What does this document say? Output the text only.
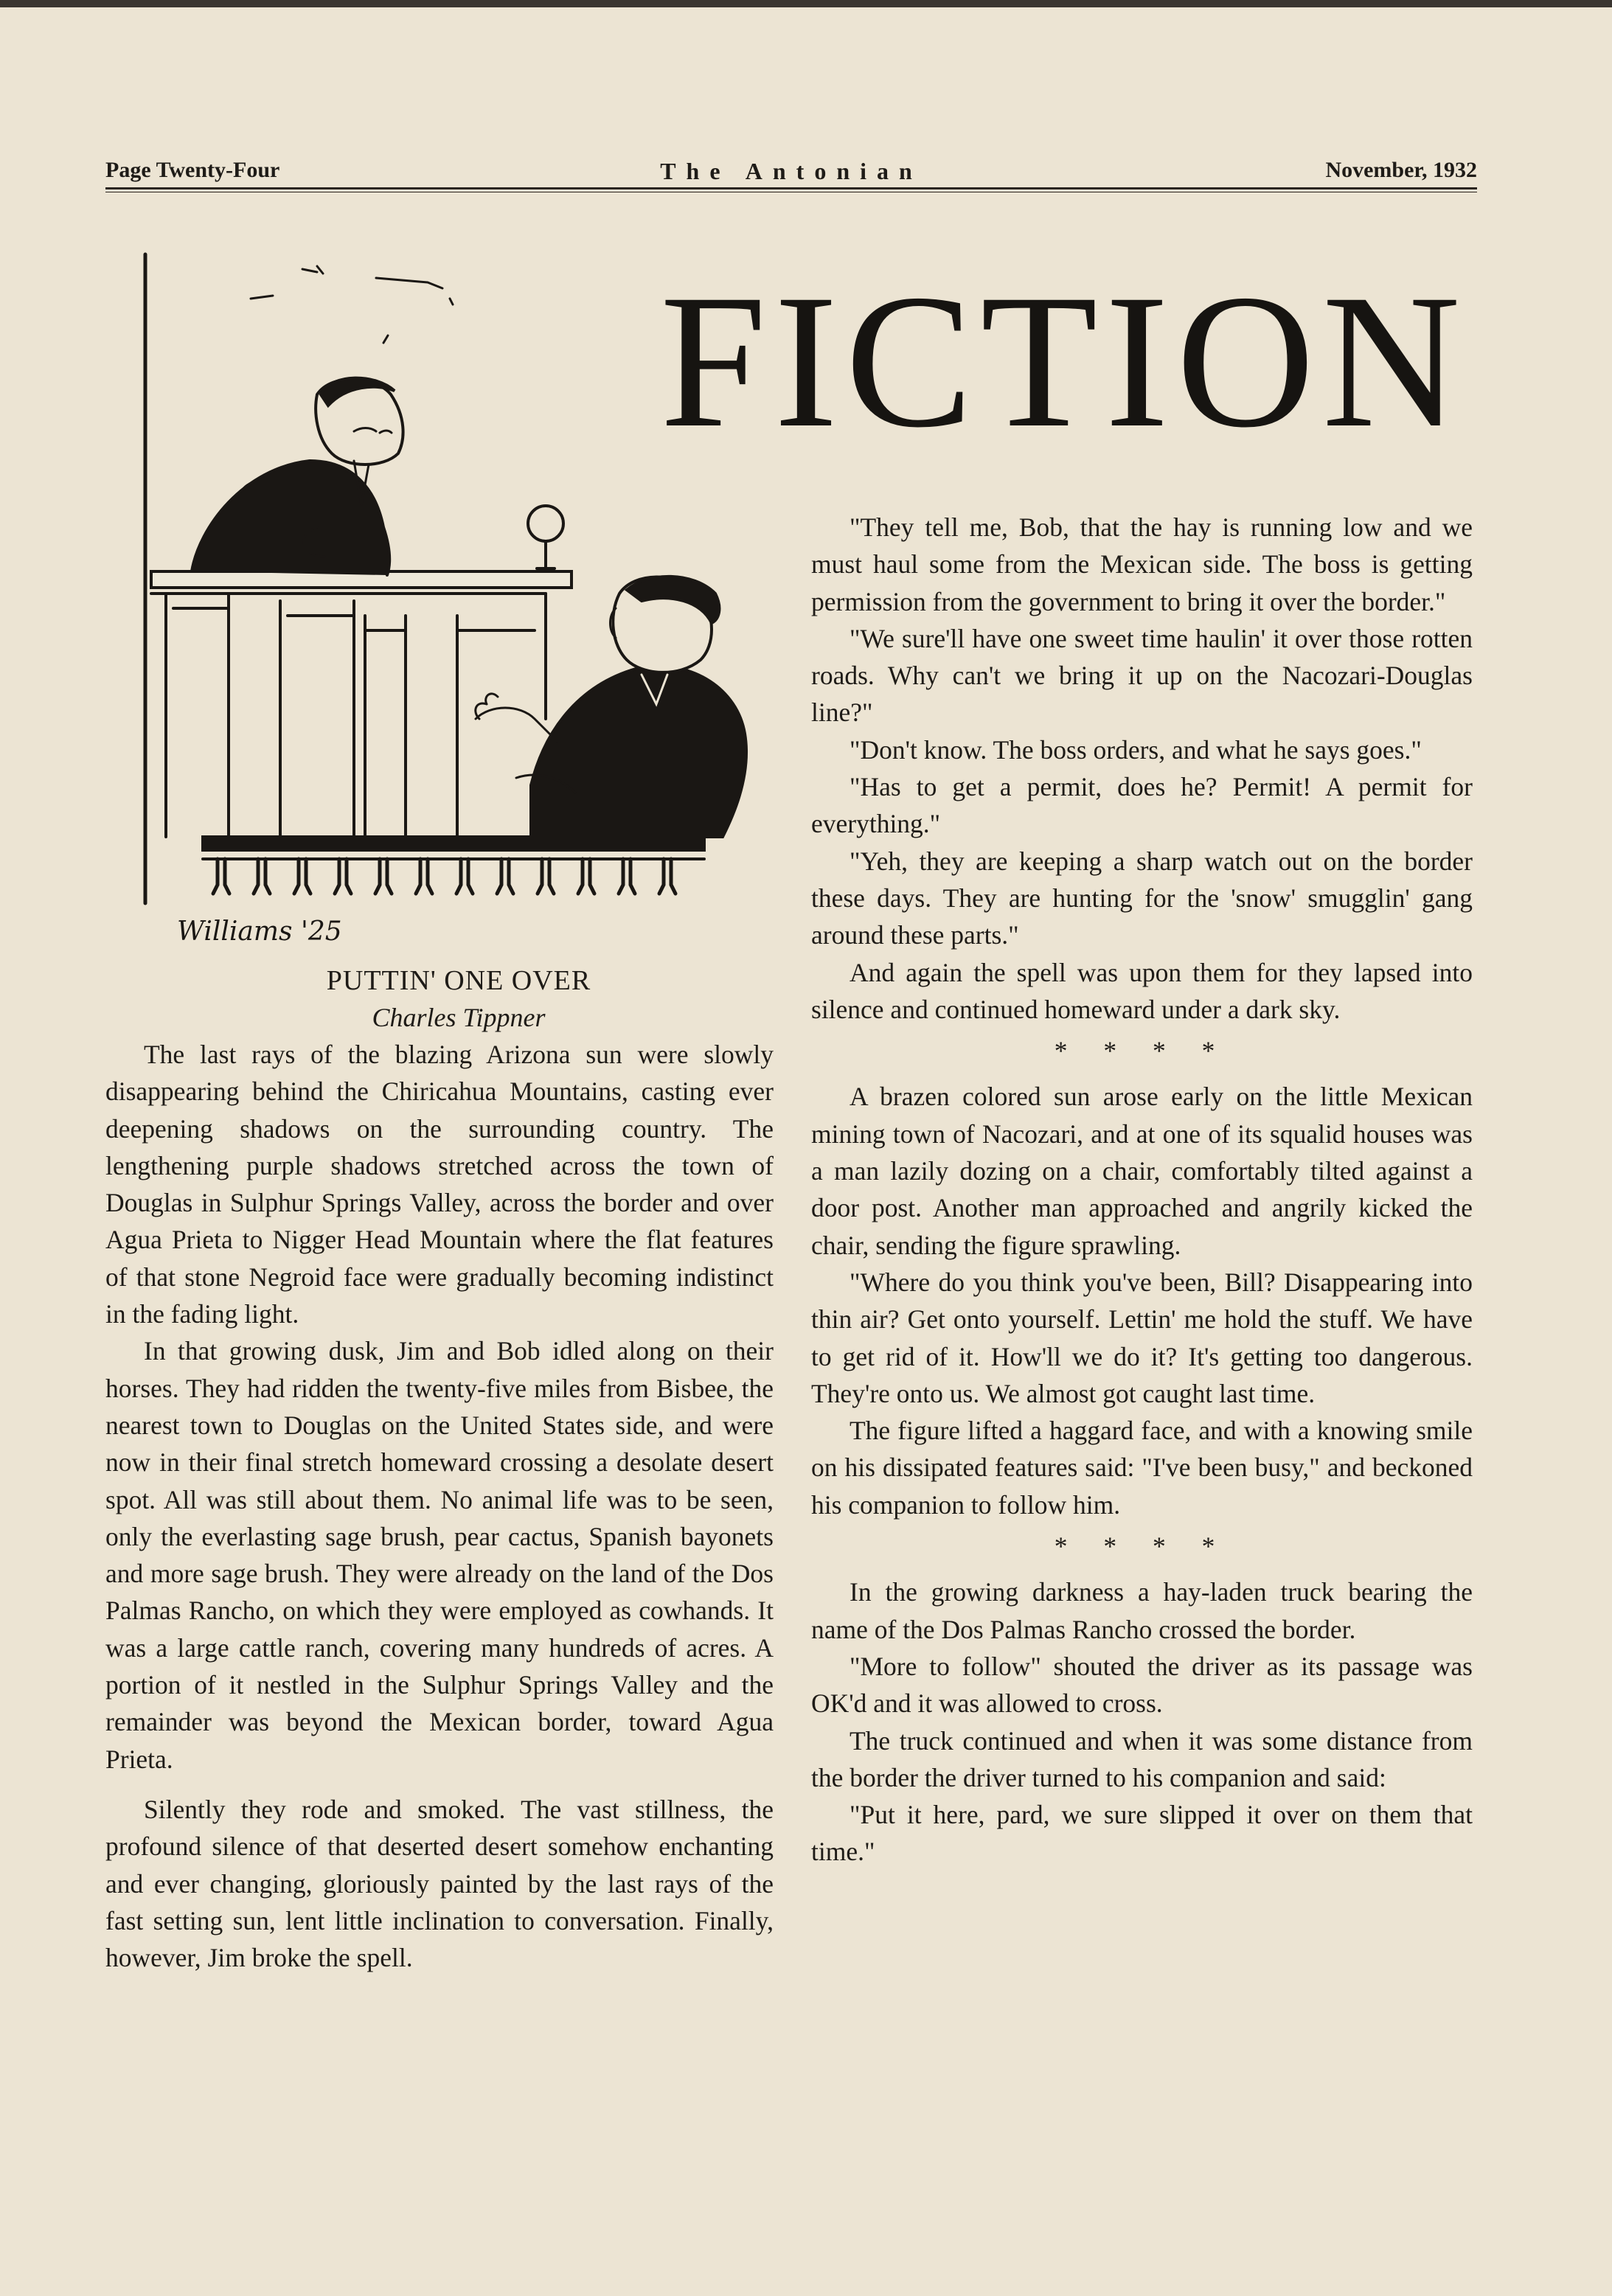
Page Twenty-Four	The Antonian	November, 1932
FICTION
Williams '25

PUTTIN' ONE OVER

Charles Tippner

The last rays of the blazing Arizona sun were slowly disappearing behind the Chiricahua Mountains, casting ever deepening shadows on the surrounding country. The lengthening purple shadows stretched across the town of Douglas in Sulphur Springs Valley, across the border and over Agua Prieta to Nigger Head Mountain where the flat features of that stone Negroid face were gradually becoming indistinct in the fading light.

In that growing dusk, Jim and Bob idled along on their horses. They had ridden the twenty-five miles from Bisbee, the nearest town to Douglas on the United States side, and were now in their final stretch homeward crossing a desolate desert spot. All was still about them. No animal life was to be seen, only the everlasting sage brush, pear cactus, Spanish bayonets and more sage brush. They were already on the land of the Dos Palmas Rancho, on which they were employed as cowhands. It was a large cattle ranch, covering many hundreds of acres. A portion of it nestled in the Sulphur Springs Valley and the remainder was beyond the Mexican border, toward Agua Prieta.

Silently they rode and smoked. The vast stillness, the profound silence of that deserted desert somehow enchanting and ever changing, gloriously painted by the last rays of the fast setting sun, lent little inclination to conversation. Finally, however, Jim broke the spell.

"They tell me, Bob, that the hay is running low and we must haul some from the Mexican side. The boss is getting permission from the government to bring it over the border."

"We sure'll have one sweet time haulin' it over those rotten roads. Why can't we bring it up on the Nacozari-Douglas line?"

"Don't know. The boss orders, and what he says goes."

"Has to get a permit, does he? Permit! A permit for everything."

"Yeh, they are keeping a sharp watch out on the border these days. They are hunting for the 'snow' smugglin' gang around these parts."

And again the spell was upon them for they lapsed into silence and continued homeward under a dark sky.

* * * *

A brazen colored sun arose early on the little Mexican mining town of Nacozari, and at one of its squalid houses was a man lazily dozing on a chair, comfortably tilted against a door post. Another man approached and angrily kicked the chair, sending the figure sprawling.

"Where do you think you've been, Bill? Disappearing into thin air? Get onto yourself. Lettin' me hold the stuff. We have to get rid of it. How'll we do it? It's getting too dangerous. They're onto us. We almost got caught last time.

The figure lifted a haggard face, and with a knowing smile on his dissipated features said: "I've been busy," and beckoned his companion to follow him.

* * * *

In the growing darkness a hay-laden truck bearing the name of the Dos Palmas Rancho crossed the border.

"More to follow" shouted the driver as its passage was OK'd and it was allowed to cross.

The truck continued and when it was some distance from the border the driver turned to his companion and said:

"Put it here, pard, we sure slipped it over on them that time."
